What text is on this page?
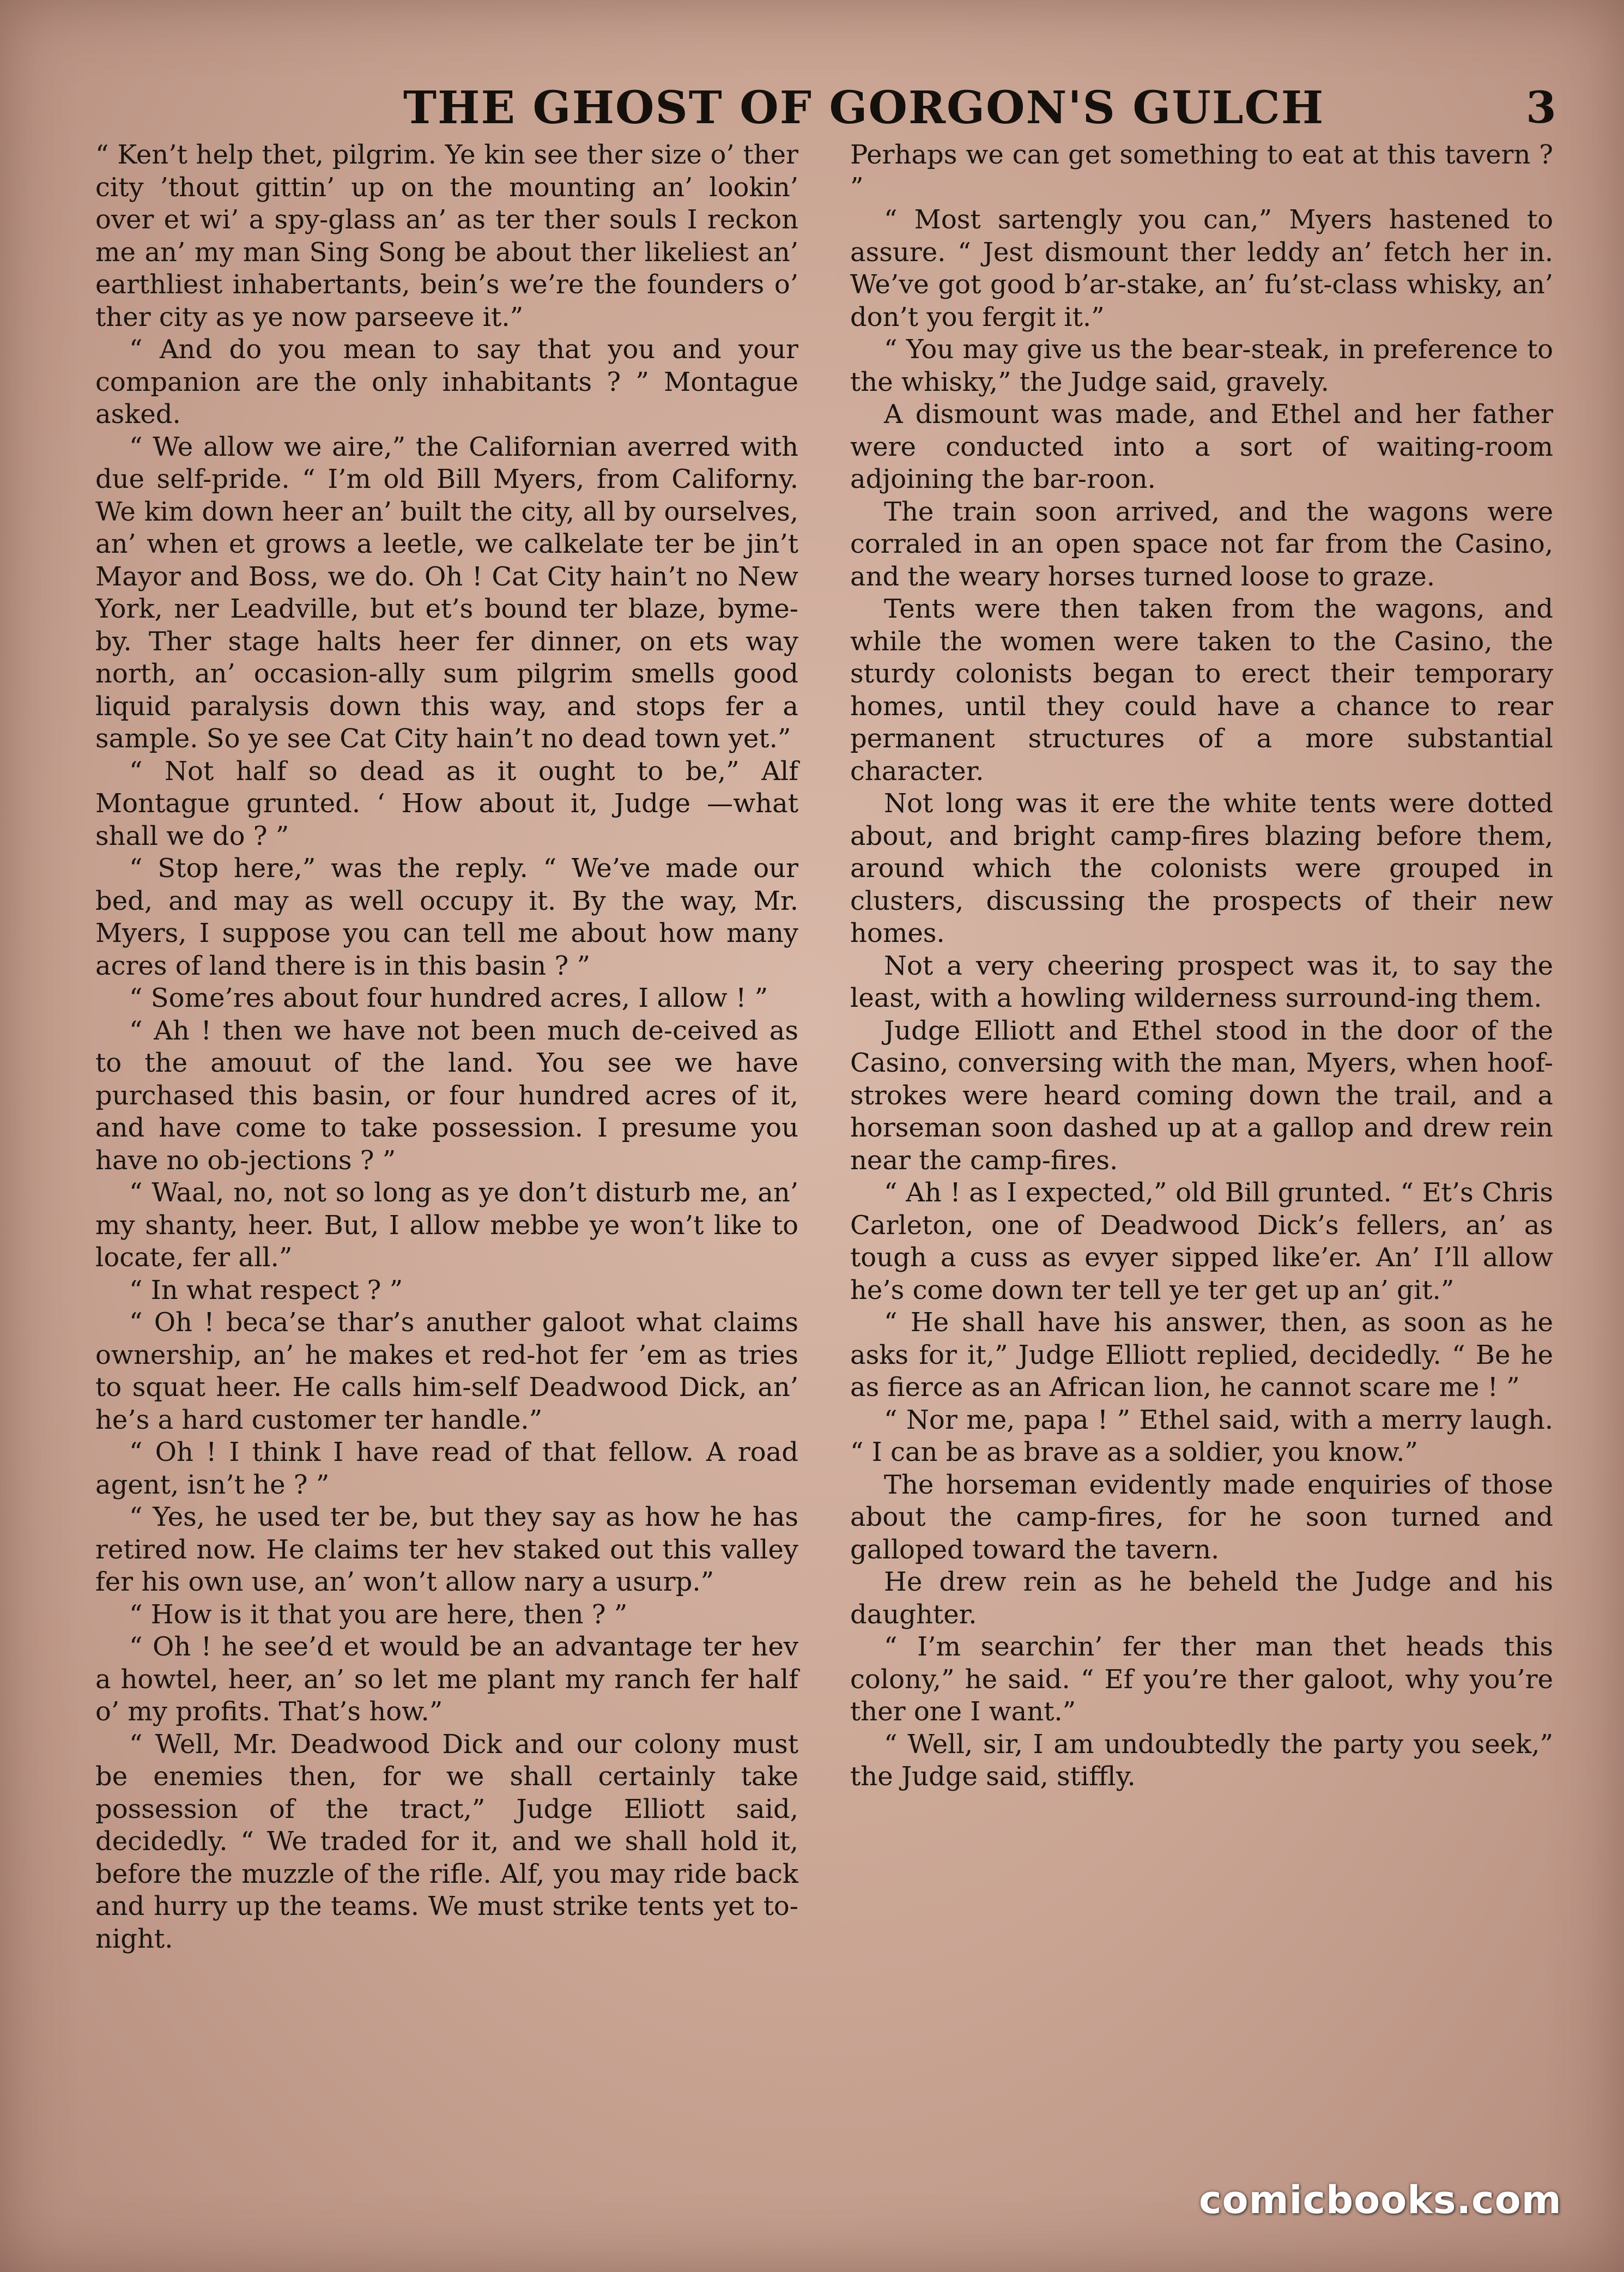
THE GHOST OF GORGON'S GULCH	3

“ Ken’t help thet, pilgrim. Ye kin see ther size o’ ther city ’thout gittin’ up on the mounting an’ lookin’ over et wi’ a spy-glass an’ as ter ther souls I reckon me an’ my man Sing Song be about ther likeliest an’ earthliest inhabertants, bein’s we’re the founders o’ ther city as ye now parseeve it.”

“ And do you mean to say that you and your companion are the only inhabitants ? ” Montague asked.

“ We allow we aire,” the Californian averred with due self-pride. “ I’m old Bill Myers, from Californy. We kim down heer an’ built the city, all by ourselves, an’ when et grows a leetle, we calkelate ter be jin’t Mayor and Boss, we do. Oh ! Cat City hain’t no New York, ner Leadville, but et’s bound ter blaze, byme-by. Ther stage halts heer fer dinner, on ets way north, an’ occasion-ally sum pilgrim smells good liquid paralysis down this way, and stops fer a sample. So ye see Cat City hain’t no dead town yet.”

“ Not half so dead as it ought to be,” Alf Montague grunted. ‘ How about it, Judge —what shall we do ? ”

“ Stop here,” was the reply. “ We’ve made our bed, and may as well occupy it. By the way, Mr. Myers, I suppose you can tell me about how many acres of land there is in this basin ? ”

“ Some’res about four hundred acres, I allow ! ”

“ Ah ! then we have not been much de-ceived as to the amouut of the land. You see we have purchased this basin, or four hundred acres of it, and have come to take possession. I presume you have no ob-jections ? ”

“ Waal, no, not so long as ye don’t disturb me, an’ my shanty, heer. But, I allow mebbe ye won’t like to locate, fer all.”

“ In what respect ? ”

“ Oh ! beca’se thar’s anuther galoot what claims ownership, an’ he makes et red-hot fer ’em as tries to squat heer. He calls him-self Deadwood Dick, an’ he’s a hard customer ter handle.”

“ Oh ! I think I have read of that fellow. A road agent, isn’t he ? ”

“ Yes, he used ter be, but they say as how he has retired now. He claims ter hev staked out this valley fer his own use, an’ won’t allow nary a usurp.”

“ How is it that you are here, then ? ”

“ Oh ! he see’d et would be an advantage ter hev a howtel, heer, an’ so let me plant my ranch fer half o’ my profits. That’s how.”

“ Well, Mr. Deadwood Dick and our colony must be enemies then, for we shall certainly take possession of the tract,” Judge Elliott said, decidedly. “ We traded for it, and we shall hold it, before the muzzle of the rifle. Alf, you may ride back and hurry up the teams. We must strike tents yet to-night.

Perhaps we can get something to eat at this tavern ? ”

“ Most sartengly you can,” Myers hastened to assure. “ Jest dismount ther leddy an’ fetch her in. We’ve got good b’ar-stake, an’ fu’st-class whisky, an’ don’t you fergit it.”

“ You may give us the bear-steak, in preference to the whisky,” the Judge said, gravely.

A dismount was made, and Ethel and her father were conducted into a sort of waiting-room adjoining the bar-roon.

The train soon arrived, and the wagons were corraled in an open space not far from the Casino, and the weary horses turned loose to graze.

Tents were then taken from the wagons, and while the women were taken to the Casino, the sturdy colonists began to erect their temporary homes, until they could have a chance to rear permanent structures of a more substantial character.

Not long was it ere the white tents were dotted about, and bright camp-fires blazing before them, around which the colonists were grouped in clusters, discussing the prospects of their new homes.

Not a very cheering prospect was it, to say the least, with a howling wilderness surround-ing them.

Judge Elliott and Ethel stood in the door of the Casino, conversing with the man, Myers, when hoof-strokes were heard coming down the trail, and a horseman soon dashed up at a gallop and drew rein near the camp-fires.

“ Ah ! as I expected,” old Bill grunted. “ Et’s Chris Carleton, one of Deadwood Dick’s fellers, an’ as tough a cuss as evyer sipped like’er. An’ I’ll allow he’s come down ter tell ye ter get up an’ git.”

“ He shall have his answer, then, as soon as he asks for it,” Judge Elliott replied, decidedly. “ Be he as fierce as an African lion, he cannot scare me ! ”

“ Nor me, papa ! ” Ethel said, with a merry laugh. “ I can be as brave as a soldier, you know.”

The horseman evidently made enquiries of those about the camp-fires, for he soon turned and galloped toward the tavern.

He drew rein as he beheld the Judge and his daughter.

“ I’m searchin’ fer ther man thet heads this colony,” he said. “ Ef you’re ther galoot, why you’re ther one I want.”

“ Well, sir, I am undoubtedly the party you seek,” the Judge said, stiffly.

comicbooks.com
